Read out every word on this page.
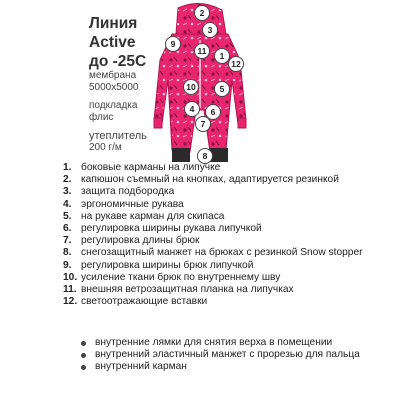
2
3
9
11 1
12
10	5
4 6
7
8
Линия
Active
до -25С
мембрана
5000х5000
подкладка
флис
утеплитель
200 г/м
1. боковые карманы на липучке
2. капюшон съемный на кнопках, адаптируется резинкой
3. защита подбородка
4. эргономичные рукава
5. на рукаве карман для скипаса
6. регулировка ширины рукава липучкой
7. регулировка длины брюк
8. снегозащитный манжет на брюках с резинкой Snow stopper
9. регулировка ширины брюк липучкой
10. усиление ткани брюк по внутреннему шву
11. внешняя ветрозащитная планка на липучках
12. светоотражающие вставки
внутренние лямки для снятия верха в помещении
внутренний эластичный манжет с прорезью для пальца
внутренний карман
